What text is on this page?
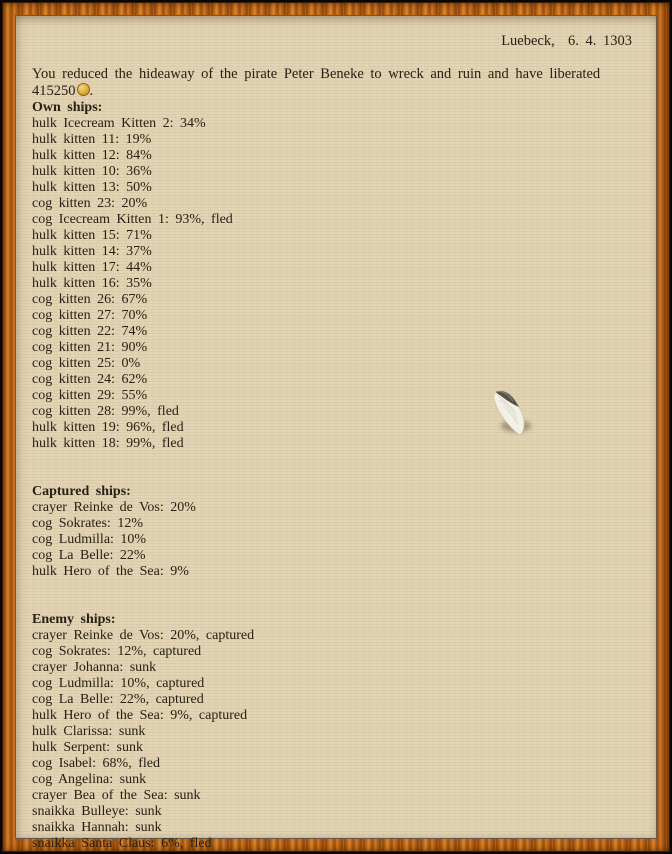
Luebeck,  6. 4. 1303
You reduced the hideaway of the pirate Peter Beneke to wreck and ruin and have liberated 415250 .
Own ships:
hulk Icecream Kitten 2: 34%
hulk kitten 11: 19%
hulk kitten 12: 84%
hulk kitten 10: 36%
hulk kitten 13: 50%
cog kitten 23: 20%
cog Icecream Kitten 1: 93%, fled
hulk kitten 15: 71%
hulk kitten 14: 37%
hulk kitten 17: 44%
hulk kitten 16: 35%
cog kitten 26: 67%
cog kitten 27: 70%
cog kitten 22: 74%
cog kitten 21: 90%
cog kitten 25: 0%
cog kitten 24: 62%
cog kitten 29: 55%
cog kitten 28: 99%, fled
hulk kitten 19: 96%, fled
hulk kitten 18: 99%, fled
Captured ships:
crayer Reinke de Vos: 20%
cog Sokrates: 12%
cog Ludmilla: 10%
cog La Belle: 22%
hulk Hero of the Sea: 9%
Enemy ships:
crayer Reinke de Vos: 20%, captured
cog Sokrates: 12%, captured
crayer Johanna: sunk
cog Ludmilla: 10%, captured
cog La Belle: 22%, captured
hulk Hero of the Sea: 9%, captured
hulk Clarissa: sunk
hulk Serpent: sunk
cog Isabel: 68%, fled
cog Angelina: sunk
crayer Bea of the Sea: sunk
snaikka Bulleye: sunk
snaikka Hannah: sunk
snaikka Santa Claus: 6%, fled
